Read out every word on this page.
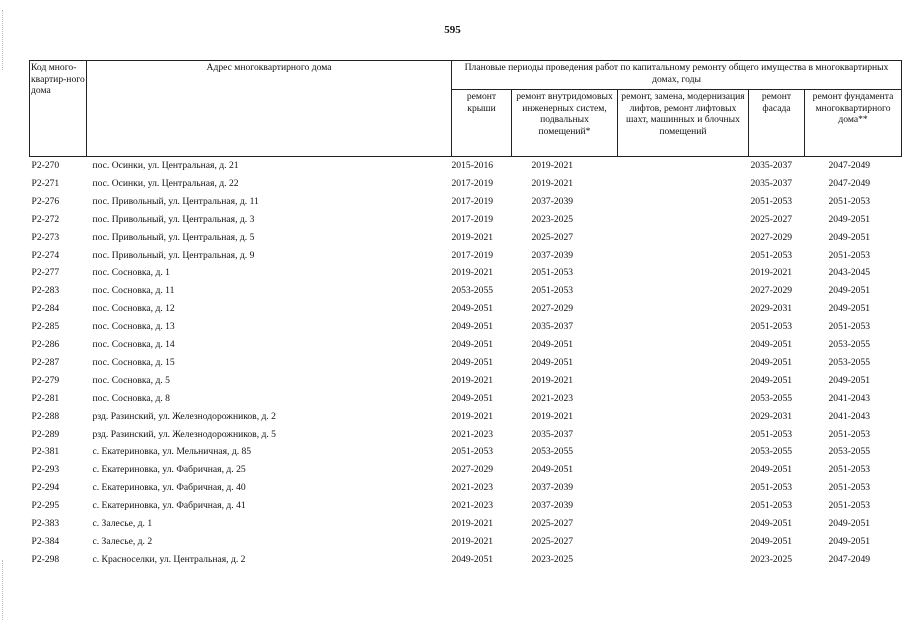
595
Код много-квартир-ного дома	Адрес многоквартирного дома	Плановые периоды проведения работ по капитальному ремонту общего имущества в многоквартирных домах, годы				
		ремонт крыши	ремонт внутридомовых инженерных систем, подвальных помещений*	ремонт, замена, модернизация лифтов, ремонт лифтовых шахт, машинных и блочных помещений	ремонт фасада	ремонт фундамента многоквартирного дома**
Р2-270	пос. Осинки, ул. Центральная, д. 21	2015-2016	2019-2021		2035-2037	2047-2049
Р2-271	пос. Осинки, ул. Центральная, д. 22	2017-2019	2019-2021		2035-2037	2047-2049
Р2-276	пос. Привольный, ул. Центральная, д. 11	2017-2019	2037-2039		2051-2053	2051-2053
Р2-272	пос. Привольный, ул. Центральная, д. 3	2017-2019	2023-2025		2025-2027	2049-2051
Р2-273	пос. Привольный, ул. Центральная, д. 5	2019-2021	2025-2027		2027-2029	2049-2051
Р2-274	пос. Привольный, ул. Центральная, д. 9	2017-2019	2037-2039		2051-2053	2051-2053
Р2-277	пос. Сосновка, д. 1	2019-2021	2051-2053		2019-2021	2043-2045
Р2-283	пос. Сосновка, д. 11	2053-2055	2051-2053		2027-2029	2049-2051
Р2-284	пос. Сосновка, д. 12	2049-2051	2027-2029		2029-2031	2049-2051
Р2-285	пос. Сосновка, д. 13	2049-2051	2035-2037		2051-2053	2051-2053
Р2-286	пос. Сосновка, д. 14	2049-2051	2049-2051		2049-2051	2053-2055
Р2-287	пос. Сосновка, д. 15	2049-2051	2049-2051		2049-2051	2053-2055
Р2-279	пос. Сосновка, д. 5	2019-2021	2019-2021		2049-2051	2049-2051
Р2-281	пос. Сосновка, д. 8	2049-2051	2021-2023		2053-2055	2041-2043
Р2-288	рзд. Разинский, ул. Железнодорожников, д. 2	2019-2021	2019-2021		2029-2031	2041-2043
Р2-289	рзд. Разинский, ул. Железнодорожников, д. 5	2021-2023	2035-2037		2051-2053	2051-2053
Р2-381	с. Екатериновка, ул. Мельничная, д. 85	2051-2053	2053-2055		2053-2055	2053-2055
Р2-293	с. Екатериновка, ул. Фабричная, д. 25	2027-2029	2049-2051		2049-2051	2051-2053
Р2-294	с. Екатериновка, ул. Фабричная, д. 40	2021-2023	2037-2039		2051-2053	2051-2053
Р2-295	с. Екатериновка, ул. Фабричная, д. 41	2021-2023	2037-2039		2051-2053	2051-2053
Р2-383	с. Залесье, д. 1	2019-2021	2025-2027		2049-2051	2049-2051
Р2-384	с. Залесье, д. 2	2019-2021	2025-2027		2049-2051	2049-2051
Р2-298	с. Красноселки, ул. Центральная, д. 2	2049-2051	2023-2025		2023-2025	2047-2049
